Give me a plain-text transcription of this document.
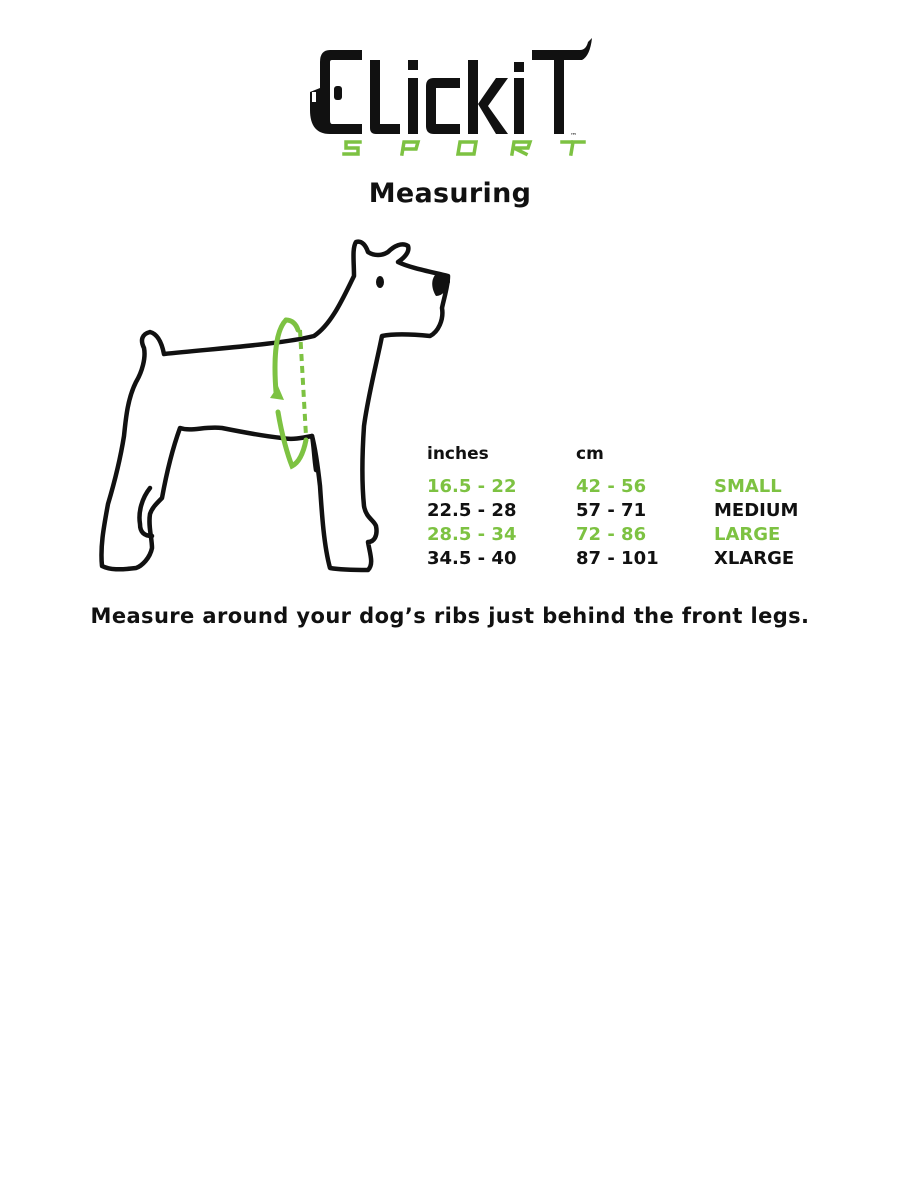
™
Measuring
inches	cm
16.5 - 22	42 - 56	SMALL
22.5 - 28	57 - 71	MEDIUM
28.5 - 34	72 - 86	LARGE
34.5 - 40	87 - 101	XLARGE
Measure around your dog’s ribs just behind the front legs.
